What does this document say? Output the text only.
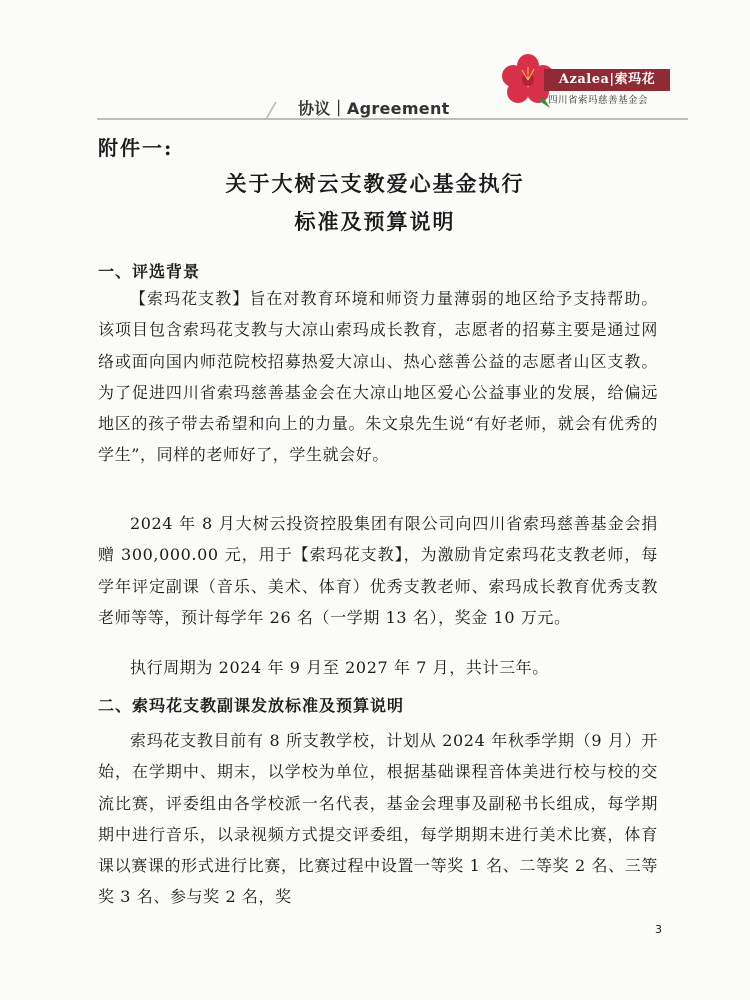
Azalea|索玛花
四川省索玛慈善基金会
协议｜Agreement
附件一:
关于大树云支教爱心基金执行
标准及预算说明
一、评选背景
【索玛花支教】旨在对教育环境和师资力量薄弱的地区给予支持帮助。该项目包含索玛花支教与大凉山索玛成长教育，志愿者的招募主要是通过网络或面向国内师范院校招募热爱大凉山、热心慈善公益的志愿者山区支教。为了促进四川省索玛慈善基金会在大凉山地区爱心公益事业的发展，给偏远地区的孩子带去希望和向上的力量。朱文泉先生说“有好老师，就会有优秀的学生”，同样的老师好了，学生就会好。
2024 年 8 月大树云投资控股集团有限公司向四川省索玛慈善基金会捐赠 300,000.00 元，用于【索玛花支教】，为激励肯定索玛花支教老师，每学年评定副课（音乐、美术、体育）优秀支教老师、索玛成长教育优秀支教老师等等，预计每学年 26 名（一学期 13 名），奖金 10 万元。
执行周期为 2024 年 9 月至 2027 年 7 月，共计三年。
二、索玛花支教副课发放标准及预算说明
索玛花支教目前有 8 所支教学校，计划从 2024 年秋季学期（9 月）开始，在学期中、期末，以学校为单位，根据基础课程音体美进行校与校的交流比赛，评委组由各学校派一名代表，基金会理事及副秘书长组成，每学期期中进行音乐，以录视频方式提交评委组，每学期期末进行美术比赛，体育课以赛课的形式进行比赛，比赛过程中设置一等奖 1 名、二等奖 2 名、三等奖 3 名、参与奖 2 名，奖
3
